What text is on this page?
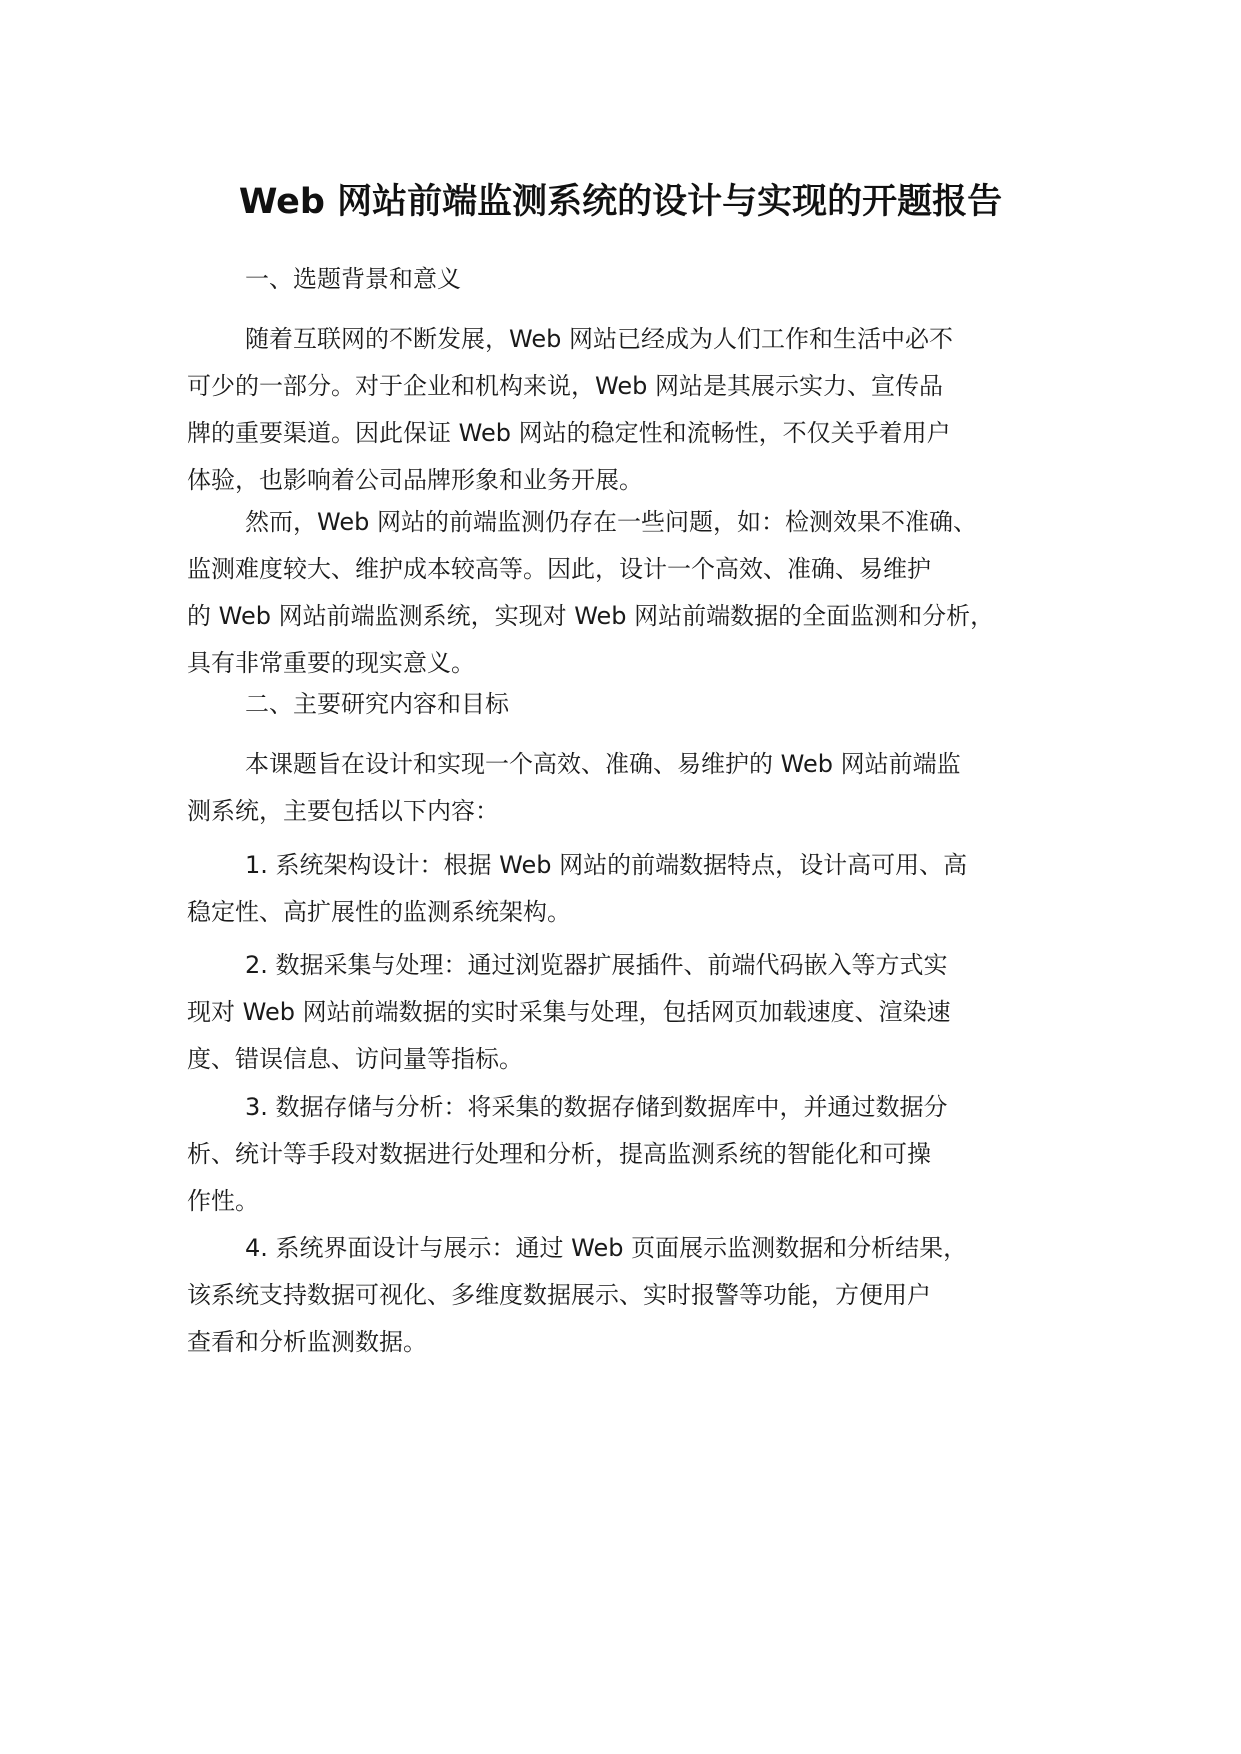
Web 网站前端监测系统的设计与实现的开题报告
一、选题背景和意义
随着互联网的不断发展，Web 网站已经成为人们工作和生活中必不
可少的一部分。对于企业和机构来说，Web 网站是其展示实力、宣传品
牌的重要渠道。因此保证 Web 网站的稳定性和流畅性，不仅关乎着用户
体验，也影响着公司品牌形象和业务开展。
然而，Web 网站的前端监测仍存在一些问题，如：检测效果不准确、
监测难度较大、维护成本较高等。因此，设计一个高效、准确、易维护
的 Web 网站前端监测系统，实现对 Web 网站前端数据的全面监测和分析，
具有非常重要的现实意义。
二、主要研究内容和目标
本课题旨在设计和实现一个高效、准确、易维护的 Web 网站前端监
测系统，主要包括以下内容：
1. 系统架构设计：根据 Web 网站的前端数据特点，设计高可用、高
稳定性、高扩展性的监测系统架构。
2. 数据采集与处理：通过浏览器扩展插件、前端代码嵌入等方式实
现对 Web 网站前端数据的实时采集与处理，包括网页加载速度、渲染速
度、错误信息、访问量等指标。
3. 数据存储与分析：将采集的数据存储到数据库中，并通过数据分
析、统计等手段对数据进行处理和分析，提高监测系统的智能化和可操
作性。
4. 系统界面设计与展示：通过 Web 页面展示监测数据和分析结果，
该系统支持数据可视化、多维度数据展示、实时报警等功能，方便用户
查看和分析监测数据。
